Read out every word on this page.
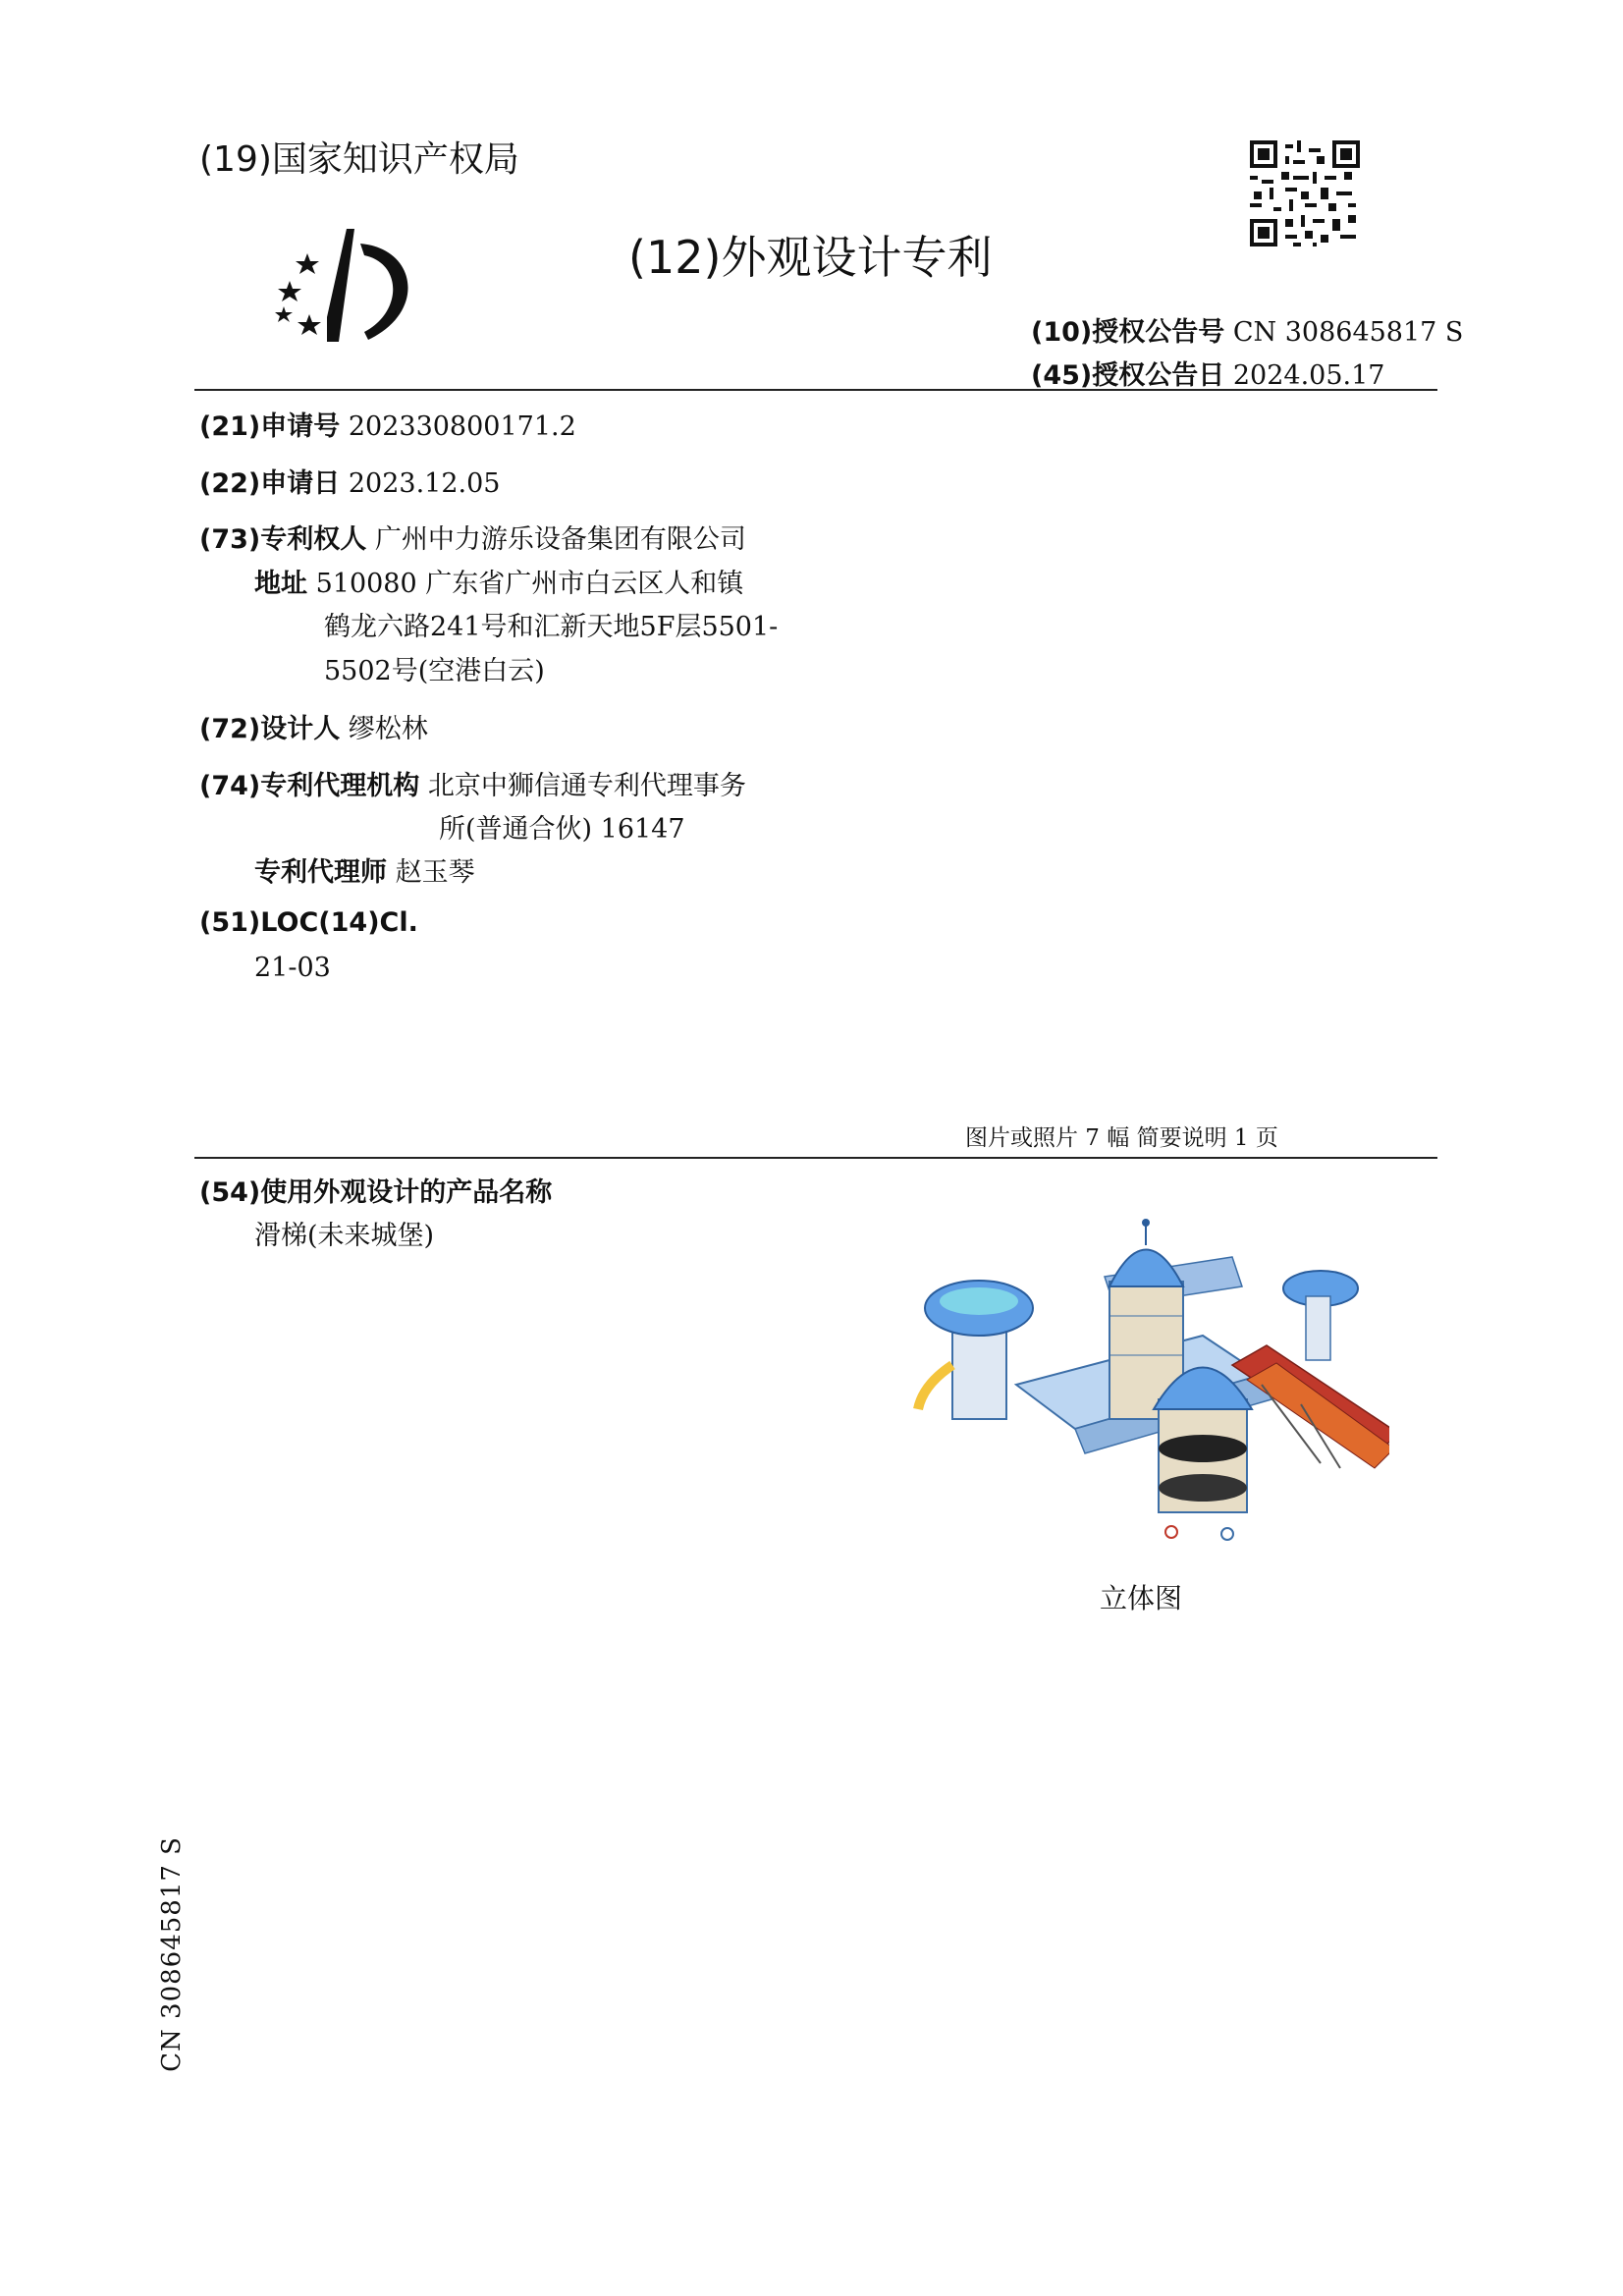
(19)国家知识产权局
(12)外观设计专利
(10)授权公告号 CN 308645817 S
(45)授权公告日 2024.05.17
(21)申请号 202330800171.2
(22)申请日 2023.12.05
(73)专利权人 广州中力游乐设备集团有限公司
地址 510080 广东省广州市白云区人和镇
鹤龙六路241号和汇新天地5F层5501-
5502号(空港白云)
(72)设计人 缪松林
(74)专利代理机构 北京中狮信通专利代理事务
所(普通合伙) 16147
专利代理师 赵玉琴
(51)LOC(14)Cl.
21-03
图片或照片 7 幅 简要说明 1 页
(54)使用外观设计的产品名称
滑梯(未来城堡)
立体图
CN 308645817 S
